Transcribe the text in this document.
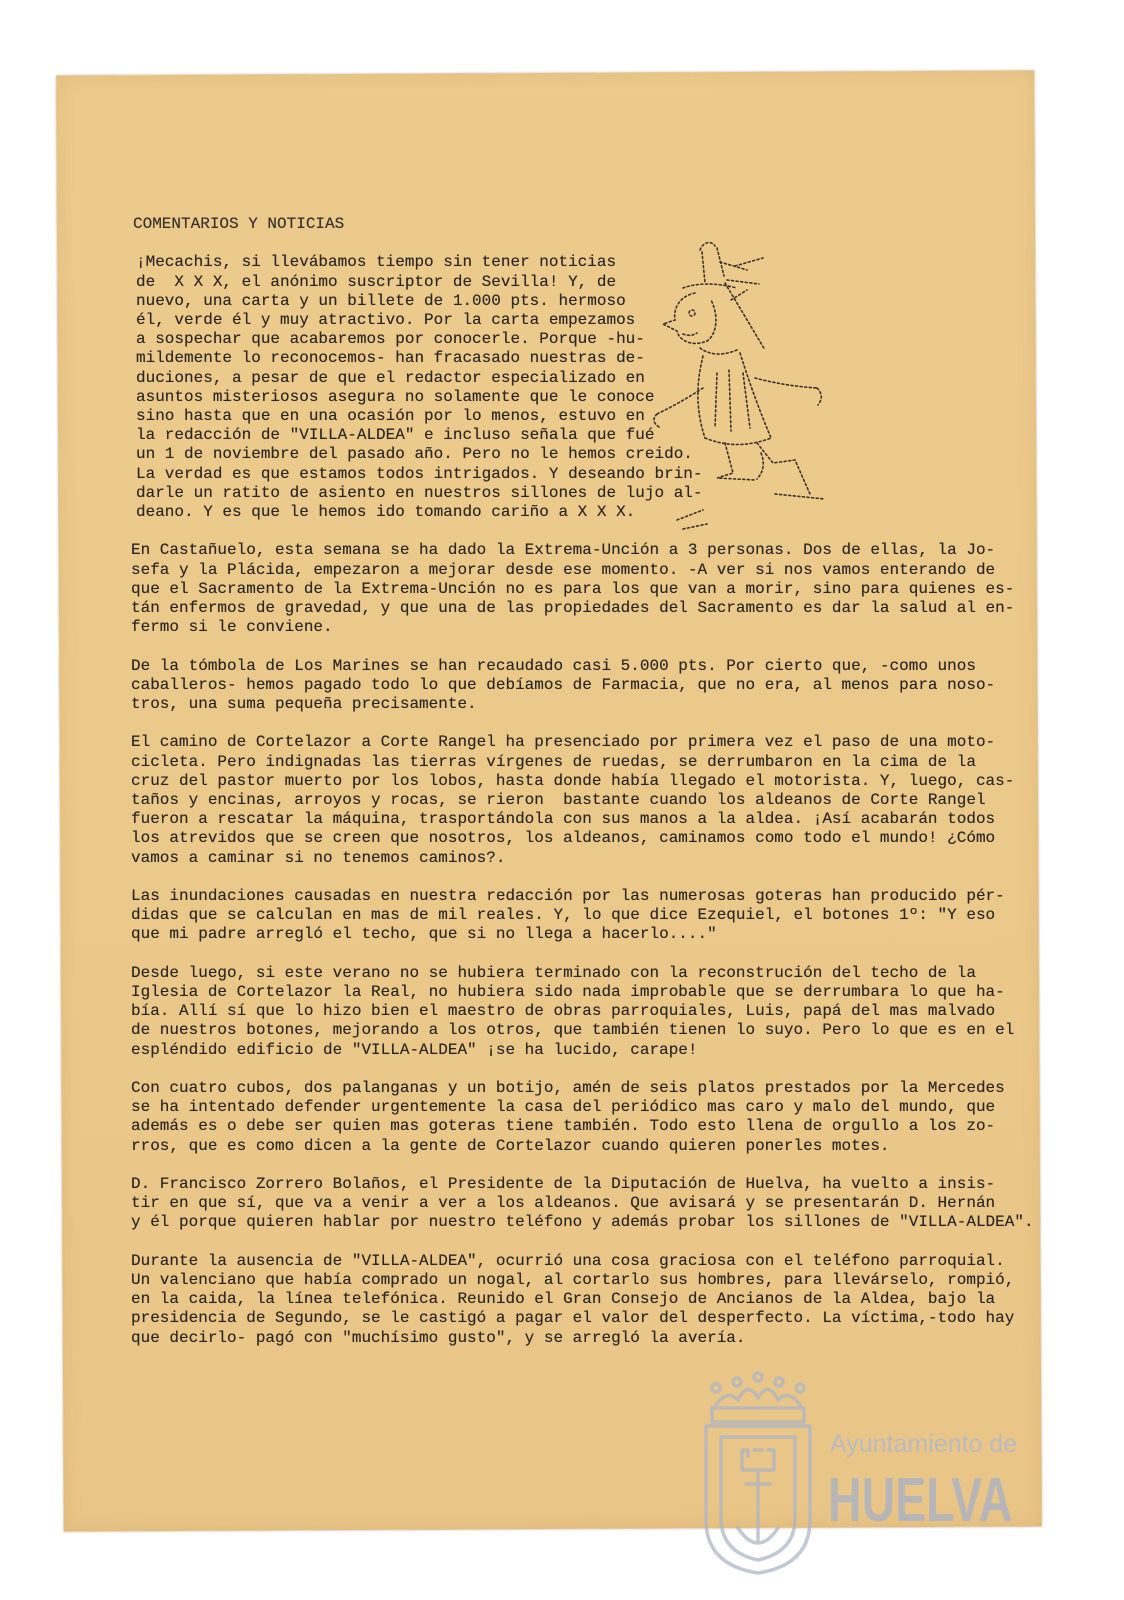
COMENTARIOS Y NOTICIAS

¡Mecachis, si llevábamos tiempo sin tener noticias
de  X X X, el anónimo suscriptor de Sevilla! Y, de
nuevo, una carta y un billete de 1.000 pts. hermoso
él, verde él y muy atractivo. Por la carta empezamos
a sospechar que acabaremos por conocerle. Porque -hu-
mildemente lo reconocemos- han fracasado nuestras de-
duciones, a pesar de que el redactor especializado en
asuntos misteriosos asegura no solamente que le conoce
sino hasta que en una ocasión por lo menos, estuvo en
la redacción de "VILLA-ALDEA" e incluso señala que fué
un 1 de noviembre del pasado año. Pero no le hemos creido.
La verdad es que estamos todos intrigados. Y deseando brin-
darle un ratito de asiento en nuestros sillones de lujo al-
deano. Y es que le hemos ido tomando cariño a X X X.

En Castañuelo, esta semana se ha dado la Extrema-Unción a 3 personas. Dos de ellas, la Jo-
sefa y la Plácida, empezaron a mejorar desde ese momento. -A ver si nos vamos enterando de
que el Sacramento de la Extrema-Unción no es para los que van a morir, sino para quienes es-
tán enfermos de gravedad, y que una de las propiedades del Sacramento es dar la salud al en-
fermo si le conviene.

De la tómbola de Los Marines se han recaudado casi 5.000 pts. Por cierto que, -como unos
caballeros- hemos pagado todo lo que debíamos de Farmacia, que no era, al menos para noso-
tros, una suma pequeña precisamente.

El camino de Cortelazor a Corte Rangel ha presenciado por primera vez el paso de una moto-
cicleta. Pero indignadas las tierras vírgenes de ruedas, se derrumbaron en la cima de la
cruz del pastor muerto por los lobos, hasta donde había llegado el motorista. Y, luego, cas-
taños y encinas, arroyos y rocas, se rieron  bastante cuando los aldeanos de Corte Rangel
fueron a rescatar la máquina, trasportándola con sus manos a la aldea. ¡Así acabarán todos
los atrevidos que se creen que nosotros, los aldeanos, caminamos como todo el mundo! ¿Cómo
vamos a caminar si no tenemos caminos?.

Las inundaciones causadas en nuestra redacción por las numerosas goteras han producido pér-
didas que se calculan en mas de mil reales. Y, lo que dice Ezequiel, el botones 1º: "Y eso
que mi padre arregló el techo, que si no llega a hacerlo...."

Desde luego, si este verano no se hubiera terminado con la reconstrución del techo de la
Iglesia de Cortelazor la Real, no hubiera sido nada improbable que se derrumbara lo que ha-
bía. Allí sí que lo hizo bien el maestro de obras parroquiales, Luis, papá del mas malvado
de nuestros botones, mejorando a los otros, que también tienen lo suyo. Pero lo que es en el
espléndido edificio de "VILLA-ALDEA" ¡se ha lucido, carape!

Con cuatro cubos, dos palanganas y un botijo, amén de seis platos prestados por la Mercedes
se ha intentado defender urgentemente la casa del periódico mas caro y malo del mundo, que
además es o debe ser quien mas goteras tiene también. Todo esto llena de orgullo a los zo-
rros, que es como dicen a la gente de Cortelazor cuando quieren ponerles motes.

D. Francisco Zorrero Bolaños, el Presidente de la Diputación de Huelva, ha vuelto a insis-
tir en que sí, que va a venir a ver a los aldeanos. Que avisará y se presentarán D. Hernán
y él porque quieren hablar por nuestro teléfono y además probar los sillones de "VILLA-ALDEA".

Durante la ausencia de "VILLA-ALDEA", ocurrió una cosa graciosa con el teléfono parroquial.
Un valenciano que había comprado un nogal, al cortarlo sus hombres, para llevárselo, rompió,
en la caida, la línea telefónica. Reunido el Gran Consejo de Ancianos de la Aldea, bajo la
presidencia de Segundo, se le castigó a pagar el valor del desperfecto. La víctima,-todo hay
que decirlo- pagó con "muchísimo gusto", y se arregló la avería.

Ayuntamiento de
HUELVA
